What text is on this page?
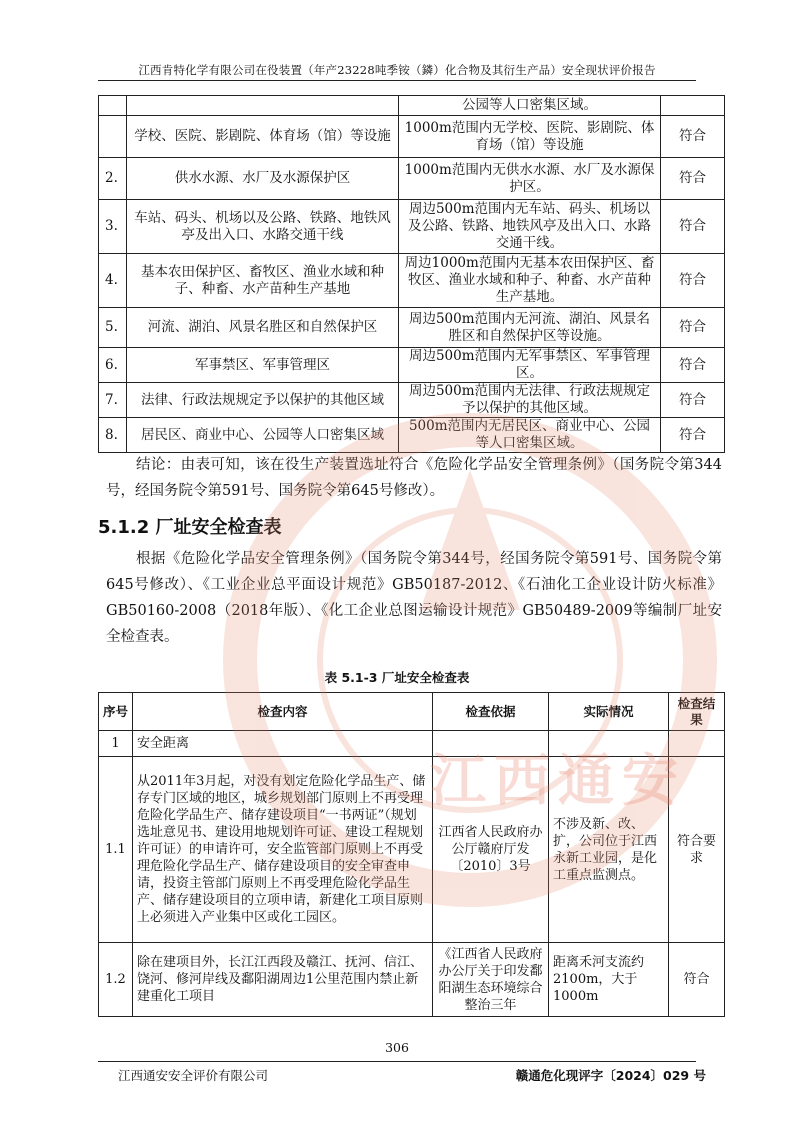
江西肯特化学有限公司在役装置（年产23228吨季铵（鏻）化合物及其衍生产品）安全现状评价报告
		公园等人口密集区域。	
	学校、医院、影剧院、体育场（馆）等设施	1000m范围内无学校、医院、影剧院、体育场（馆）等设施	符合
2.	供水水源、水厂及水源保护区	1000m范围内无供水水源、水厂及水源保护区。	符合
3.	车站、码头、机场以及公路、铁路、地铁风亭及出入口、水路交通干线	周边500m范围内无车站、码头、机场以及公路、铁路、地铁风亭及出入口、水路交通干线。	符合
4.	基本农田保护区、畜牧区、渔业水域和种子、种畜、水产苗种生产基地	周边1000m范围内无基本农田保护区、畜牧区、渔业水域和种子、种畜、水产苗种生产基地。	符合
5.	河流、湖泊、风景名胜区和自然保护区	周边500m范围内无河流、湖泊、风景名胜区和自然保护区等设施。	符合
6.	军事禁区、军事管理区	周边500m范围内无军事禁区、军事管理区。	符合
7.	法律、行政法规规定予以保护的其他区域	周边500m范围内无法律、行政法规规定予以保护的其他区域。	符合
8.	居民区、商业中心、公园等人口密集区域	500m范围内无居民区、商业中心、公园等人口密集区域。	符合

结论：由表可知，该在役生产装置选址符合《危险化学品安全管理条例》（国务院令第344号，经国务院令第591号、国务院令第645号修改）。

5.1.2 厂址安全检查表

根据《危险化学品安全管理条例》（国务院令第344号，经国务院令第591号、国务院令第645号修改）、《工业企业总平面设计规范》GB50187-2012、《石油化工企业设计防火标准》GB50160-2008（2018年版）、《化工企业总图运输设计规范》GB50489-2009等编制厂址安全检查表。

表 5.1-3 厂址安全检查表

序号	检查内容	检查依据	实际情况	检查结果
1	安全距离			
1.1	从2011年3月起，对没有划定危险化学品生产、储存专门区域的地区，城乡规划部门原则上不再受理危险化学品生产、储存建设项目“一书两证”（规划选址意见书、建设用地规划许可证、建设工程规划许可证）的申请许可，安全监管部门原则上不再受理危险化学品生产、储存建设项目的安全审查申请，投资主管部门原则上不再受理危险化学品生产、储存建设项目的立项申请，新建化工项目原则上必须进入产业集中区或化工园区。	江西省人民政府办公厅赣府厅发〔2010〕3号	不涉及新、改、扩，公司位于江西永新工业园，是化工重点监测点。	符合要求
1.2	除在建项目外，长江江西段及赣江、抚河、信江、饶河、修河岸线及鄱阳湖周边1公里范围内禁止新建重化工项目	《江西省人民政府办公厅关于印发鄱阳湖生态环境综合整治三年	距离禾河支流约2100m，大于1000m	符合
306
江西通安安全评价有限公司	赣通危化现评字〔2024〕029 号
江西通安
